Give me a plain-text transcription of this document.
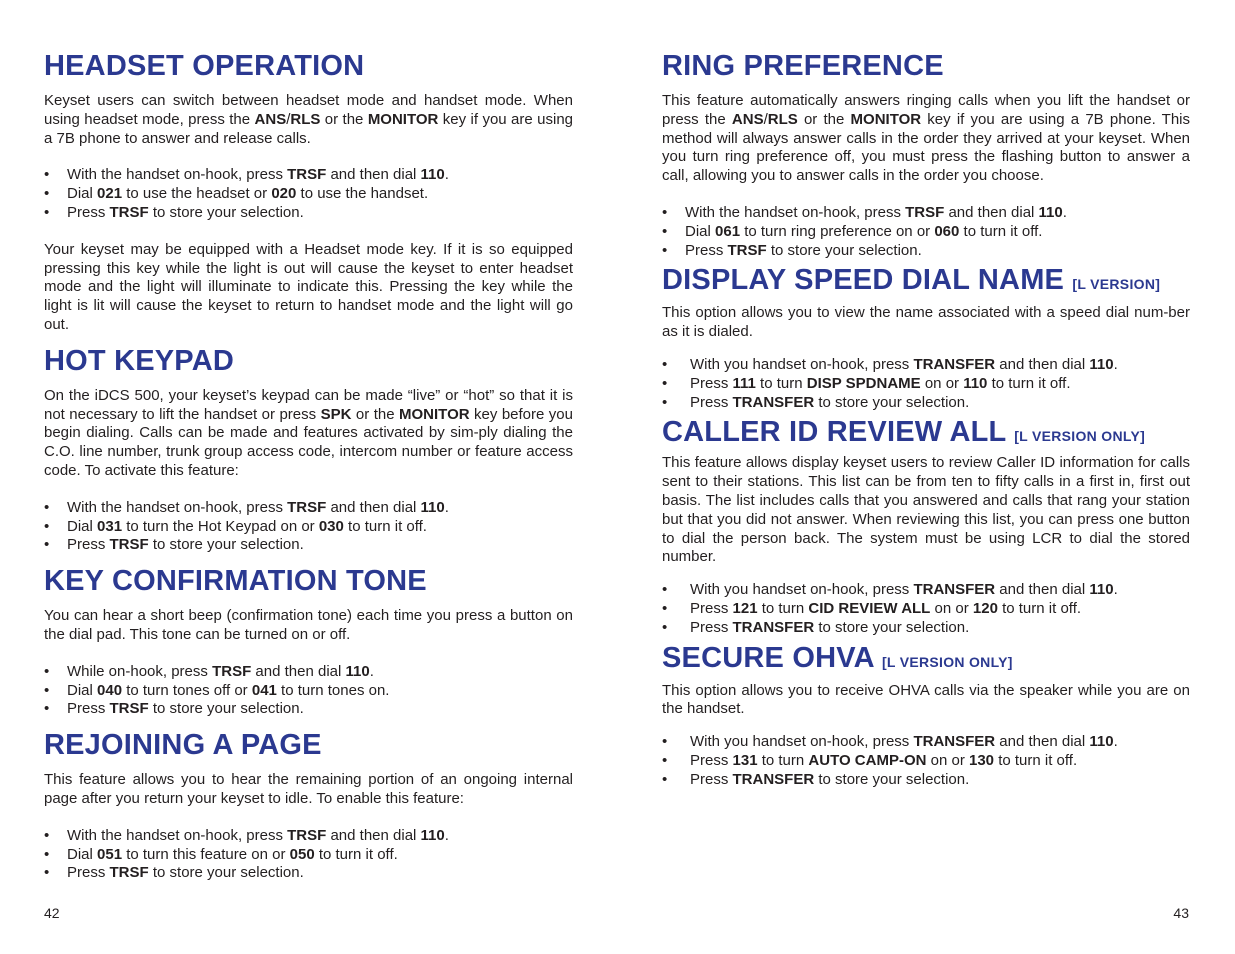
HEADSET OPERATION

Keyset users can switch between headset mode and handset mode. When using headset mode, press the ANS/RLS or the MONITOR key if you are using a 7B phone to answer and release calls.

• With the handset on-hook, press TRSF and then dial 110.
• Dial 021 to use the headset or 020 to use the handset.
• Press TRSF to store your selection.

Your keyset may be equipped with a Headset mode key. If it is so equipped pressing this key while the light is out will cause the keyset to enter headset mode and the light will illuminate to indicate this. Pressing the key while the light is lit will cause the keyset to return to handset mode and the light will go out.

HOT KEYPAD

On the iDCS 500, your keyset’s keypad can be made “live” or “hot” so that it is not necessary to lift the handset or press SPK or the MONITOR key before you begin dialing. Calls can be made and features activated by sim-ply dialing the C.O. line number, trunk group access code, intercom number or feature access code. To activate this feature:

• With the handset on-hook, press TRSF and then dial 110.
• Dial 031 to turn the Hot Keypad on or 030 to turn it off.
• Press TRSF to store your selection.
KEY CONFIRMATION TONE

You can hear a short beep (confirmation tone) each time you press a button on the dial pad. This tone can be turned on or off.

• While on-hook, press TRSF and then dial 110.
• Dial 040 to turn tones off or 041 to turn tones on.
• Press TRSF to store your selection.
REJOINING A PAGE

This feature allows you to hear the remaining portion of an ongoing internal page after you return your keyset to idle. To enable this feature:

• With the handset on-hook, press TRSF and then dial 110.
• Dial 051 to turn this feature on or 050 to turn it off.
• Press TRSF to store your selection.
RING PREFERENCE

This feature automatically answers ringing calls when you lift the handset or press the ANS/RLS or the MONITOR key if you are using a 7B phone. This method will always answer calls in the order they arrived at your keyset. When you turn ring preference off, you must press the flashing button to answer a call, allowing you to answer calls in the order you choose.

• With the handset on-hook, press TRSF and then dial 110.
• Dial 061 to turn ring preference on or 060 to turn it off.
• Press TRSF to store your selection.
DISPLAY SPEED DIAL NAME [L VERSION]

This option allows you to view the name associated with a speed dial num-ber as it is dialed.

• With you handset on-hook, press TRANSFER and then dial 110.
• Press 111 to turn DISP SPDNAME on or 110 to turn it off.
• Press TRANSFER to store your selection.
CALLER ID REVIEW ALL [L VERSION ONLY]

This feature allows display keyset users to review Caller ID information for calls sent to their stations. This list can be from ten to fifty calls in a first in, first out basis. The list includes calls that you answered and calls that rang your station but that you did not answer. When reviewing this list, you can press one button to dial the person back. The system must be using LCR to dial the stored number.

• With you handset on-hook, press TRANSFER and then dial 110.
• Press 121 to turn CID REVIEW ALL on or 120 to turn it off.
• Press TRANSFER to store your selection.
SECURE OHVA [L VERSION ONLY]

This option allows you to receive OHVA calls via the speaker while you are on the handset.

• With you handset on-hook, press TRANSFER and then dial 110.
• Press 131 to turn AUTO CAMP-ON on or 130 to turn it off.
• Press TRANSFER to store your selection.
42	43
